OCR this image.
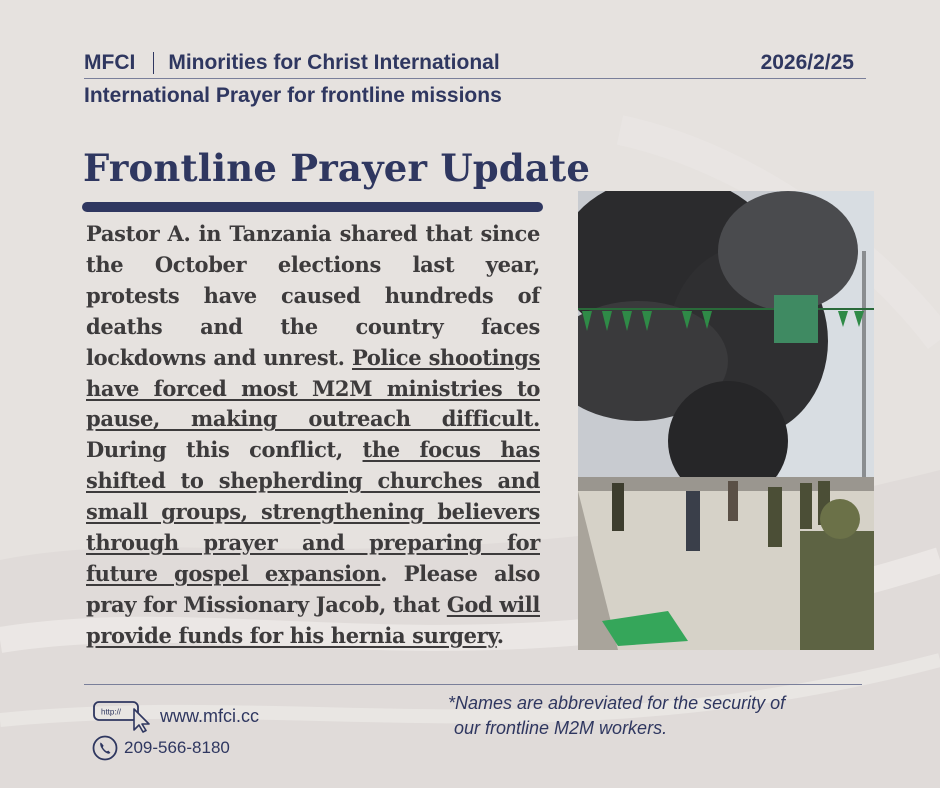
MFCI Minorities for Christ International	2026/2/25
International Prayer for frontline missions
Frontline Prayer Update

Pastor A. in Tanzania shared that since the October elections last year, protests have caused hundreds of deaths and the country faces lockdowns and unrest. Police shootings have forced most M2M ministries to pause, making outreach difficult. During this conflict, the focus has shifted to shepherding churches and small groups, strengthening believers through prayer and preparing for future gospel expansion. Please also pray for Missionary Jacob, that God will provide funds for his hernia surgery.

http:// www.mfci.cc
209-566-8180
*Names are abbreviated for the security of
our frontline M2M workers.
